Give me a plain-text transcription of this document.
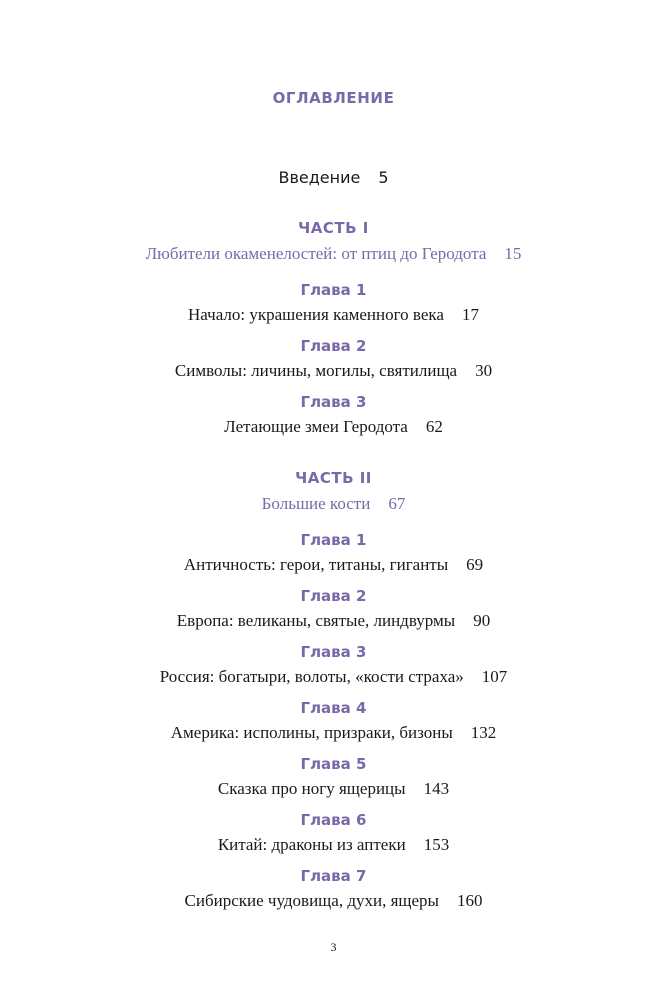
ОГЛАВЛЕНИЕ
Введение 5
ЧАСТЬ I
Любители окаменелостей: от птиц до Геродота 15
Глава 1
Начало: украшения каменного века 17
Глава 2
Символы: личины, могилы, святилища 30
Глава 3
Летающие змеи Геродота 62
ЧАСТЬ II
Большие кости 67
Глава 1
Античность: герои, титаны, гиганты 69
Глава 2
Европа: великаны, святые, линдвурмы 90
Глава 3
Россия: богатыри, волоты, «кости страха» 107
Глава 4
Америка: исполины, призраки, бизоны 132
Глава 5
Сказка про ногу ящерицы 143
Глава 6
Китай: драконы из аптеки 153
Глава 7
Сибирские чудовища, духи, ящеры 160
3
